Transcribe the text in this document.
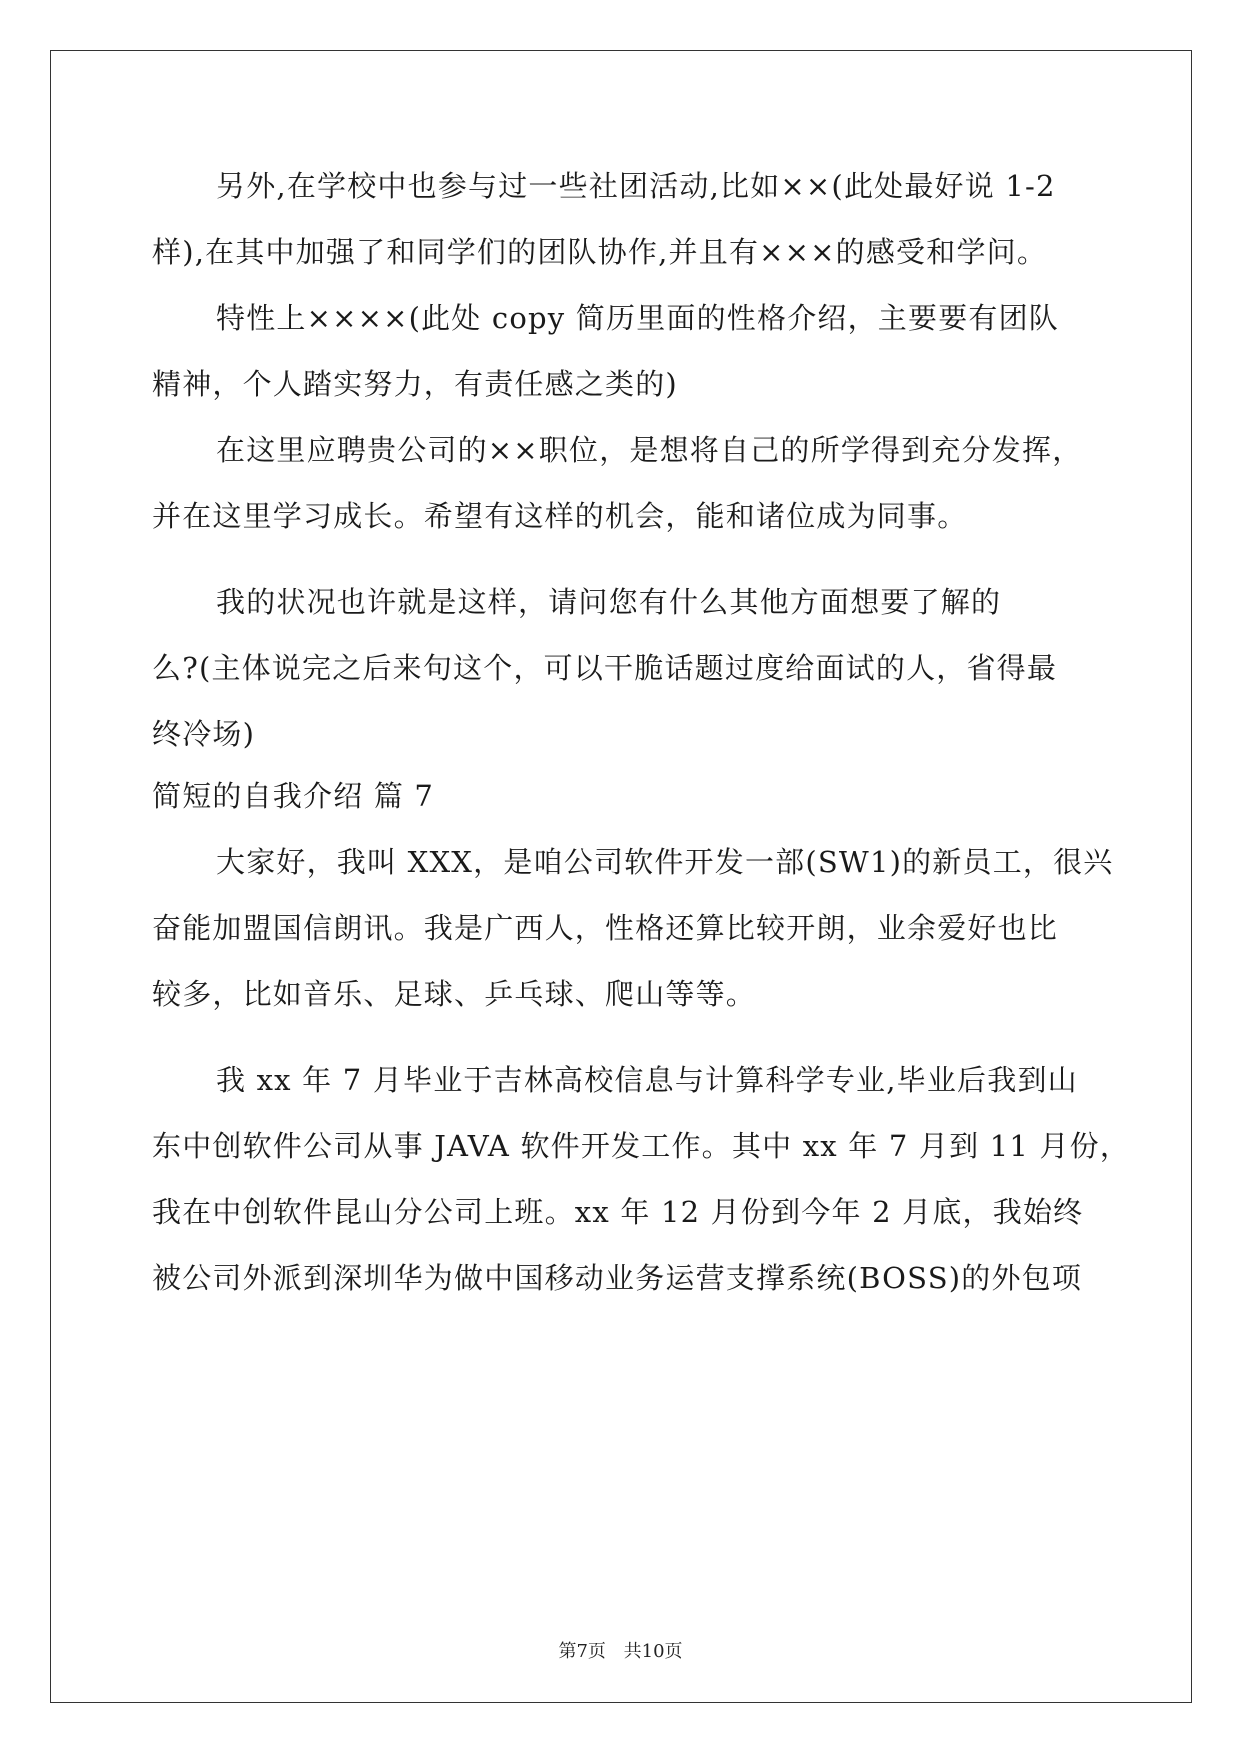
另外,在学校中也参与过一些社团活动,比如××(此处最好说 1-2
样),在其中加强了和同学们的团队协作,并且有×××的感受和学问。
特性上××××(此处 copy 简历里面的性格介绍，主要要有团队
精神，个人踏实努力，有责任感之类的)
在这里应聘贵公司的××职位，是想将自己的所学得到充分发挥，
并在这里学习成长。希望有这样的机会，能和诸位成为同事。
我的状况也许就是这样，请问您有什么其他方面想要了解的
么?(主体说完之后来句这个，可以干脆话题过度给面试的人，省得最
终冷场)
简短的自我介绍 篇 7
大家好，我叫 XXX，是咱公司软件开发一部(SW1)的新员工，很兴
奋能加盟国信朗讯。我是广西人，性格还算比较开朗，业余爱好也比
较多，比如音乐、足球、乒乓球、爬山等等。
我 xx 年 7 月毕业于吉林高校信息与计算科学专业,毕业后我到山
东中创软件公司从事 JAVA 软件开发工作。其中 xx 年 7 月到 11 月份，
我在中创软件昆山分公司上班。xx 年 12 月份到今年 2 月底，我始终
被公司外派到深圳华为做中国移动业务运营支撑系统(BOSS)的外包项
第7页 共10页
